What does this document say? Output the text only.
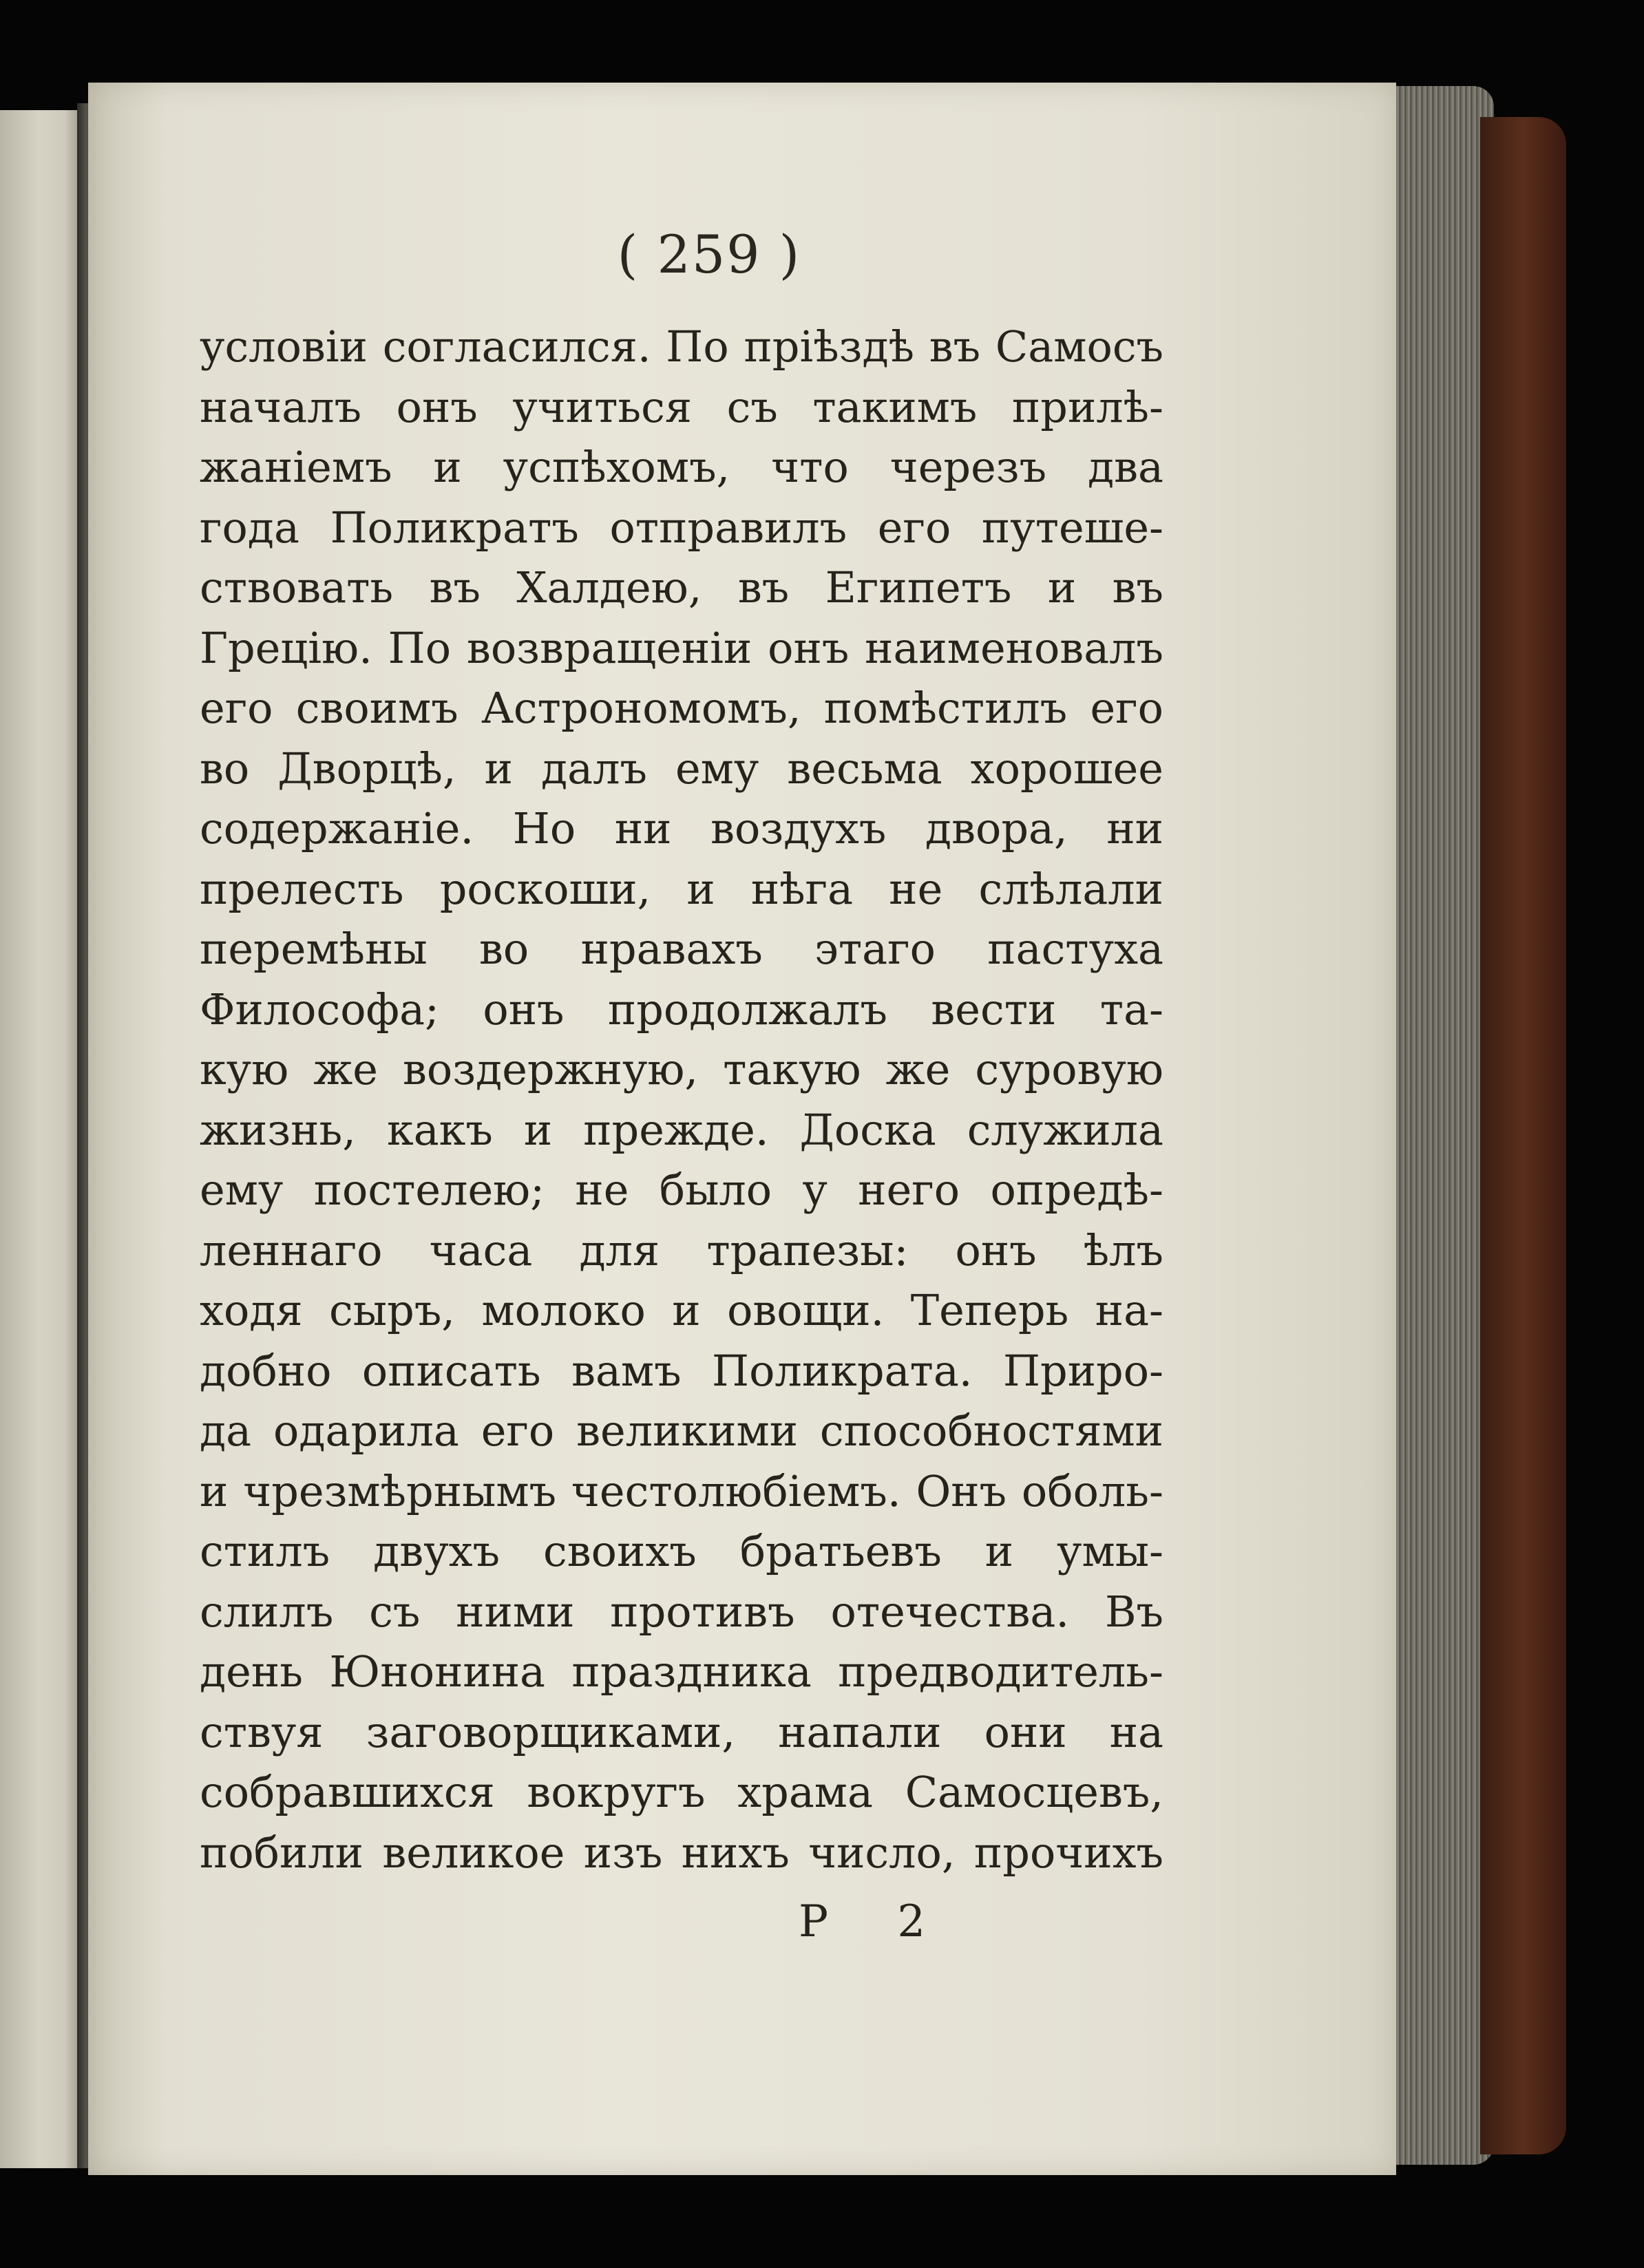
( 259 )
условіи согласился. По пріѣздѣ въ Самосъ
началъ онъ учиться съ такимъ прилѣ-
жаніемъ и успѣхомъ, что черезъ два
года Поликратъ отправилъ его путеше-
ствовать въ Халдею, въ Египетъ и въ
Грецію. По возвращеніи онъ наименовалъ
его своимъ Астрономомъ, помѣстилъ его
во Дворцѣ, и далъ ему весьма хорошее
содержаніе. Но ни воздухъ двора, ни
прелесть роскоши, и нѣга не слѣлали
перемѣны во нравахъ этаго пастуха
Философа; онъ продолжалъ вести та-
кую же воздержную, такую же суровую
жизнь, какъ и прежде. Доска служила
ему постелею; не было у него опредѣ-
леннаго часа для трапезы: онъ ѣлъ
ходя сыръ, молоко и овощи. Теперь на-
добно описать вамъ Поликрата. Приро-
да одарила его великими способностями
и чрезмѣрнымъ честолюбіемъ. Онъ оболь-
стилъ двухъ своихъ братьевъ и умы-
слилъ съ ними противъ отечества. Въ
день Юнонина праздника предводитель-
ствуя заговорщиками, напали они на
собравшихся вокругъ храма Самосцевъ,
побили великое изъ нихъ число, прочихъ
Р 2
